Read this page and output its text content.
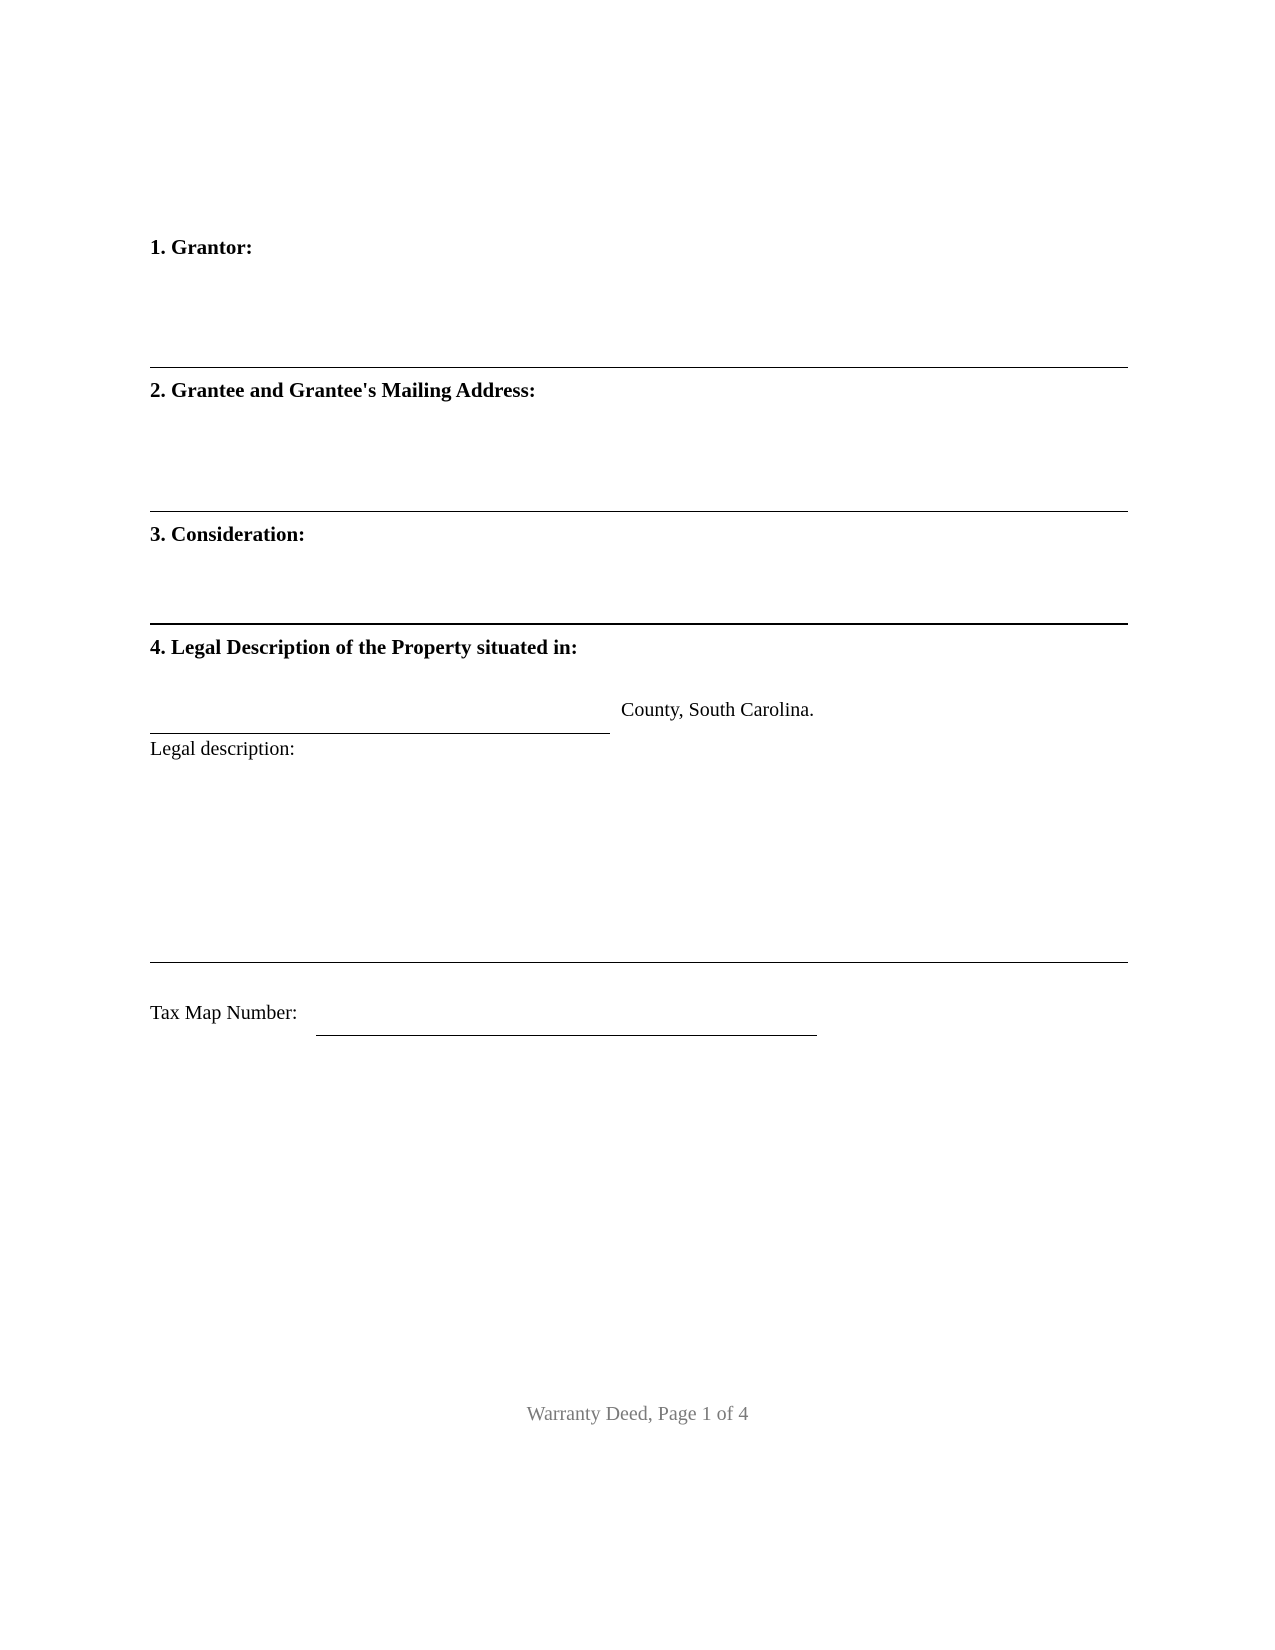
1. Grantor:
2. Grantee and Grantee's Mailing Address:
3. Consideration:
4. Legal Description of the Property situated in:
County, South Carolina.
Legal description:
Tax Map Number:
Warranty Deed, Page 1 of 4
